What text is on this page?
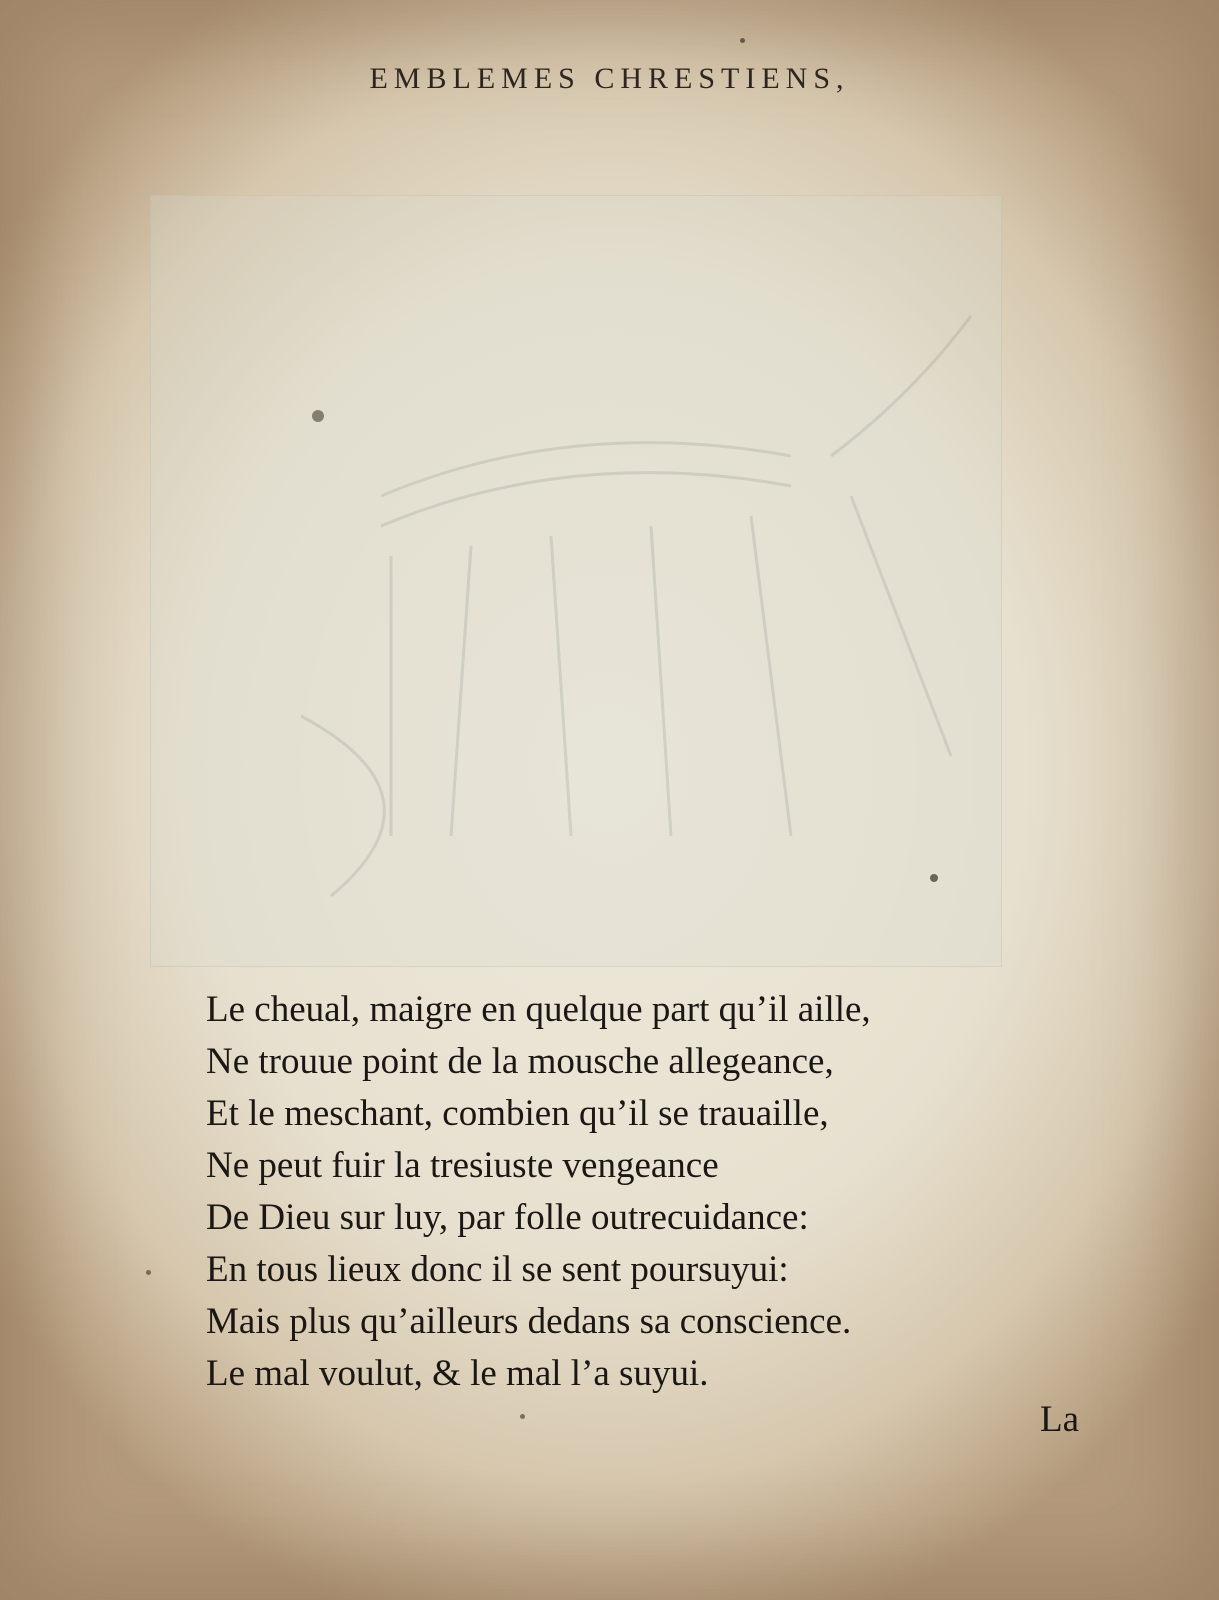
EMBLEMES CHRESTIENS,
Le cheual, maigre en quelque part qu’il aille,
Ne trouue point de la mousche allegeance,
Et le meschant, combien qu’il se trauaille,
Ne peut fuir la tresiuste vengeance
De Dieu sur luy, par folle outrecuidance:
En tous lieux donc il se sent poursuyui:
Mais plus qu’ailleurs dedans sa conscience.
Le mal voulut, & le mal l’a suyui.
La
